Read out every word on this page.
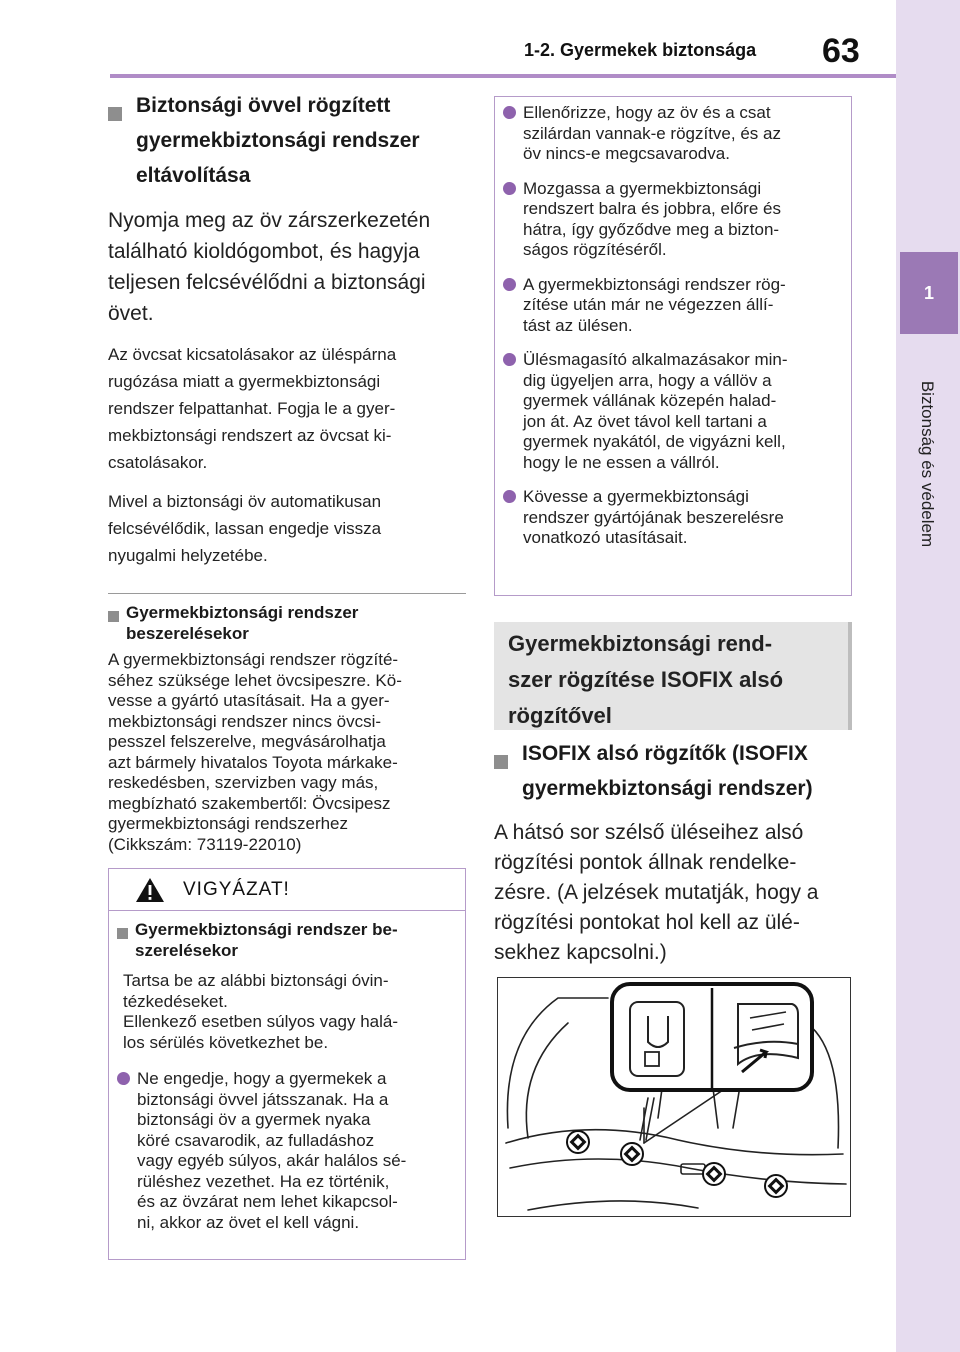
1-2. Gyermekek biztonsága 63
1
Biztonság és védelem
Biztonsági övvel rögzített
gyermekbiztonsági rendszer
eltávolítása
Nyomja meg az öv zárszerkezetén
található kioldógombot, és hagyja
teljesen felcsévélődni a biztonsági
övet.
Az övcsat kicsatolásakor az üléspárna
rugózása miatt a gyermekbiztonsági
rendszer felpattanhat. Fogja le a gyer-
mekbiztonsági rendszert az övcsat ki-
csatolásakor.
Mivel a biztonsági öv automatikusan
felcsévélődik, lassan engedje vissza
nyugalmi helyzetébe.
Gyermekbiztonsági rendszer
beszerelésekor
A gyermekbiztonsági rendszer rögzíté-
séhez szüksége lehet övcsipeszre. Kö-
vesse a gyártó utasításait. Ha a gyer-
mekbiztonsági rendszer nincs övcsi-
pesszel felszerelve, megvásárolhatja
azt bármely hivatalos Toyota márkake-
reskedésben, szervizben vagy más,
megbízható szakembertől: Övcsipesz
gyermekbiztonsági rendszerhez
(Cikkszám: 73119-22010)
VIGYÁZAT!
Gyermekbiztonsági rendszer be-
szerelésekor
Tartsa be az alábbi biztonsági óvin-
tézkedéseket.
Ellenkező esetben súlyos vagy halá-
los sérülés következhet be.
Ne engedje, hogy a gyermekek a
biztonsági övvel játsszanak. Ha a
biztonsági öv a gyermek nyaka
köré csavarodik, az fulladáshoz
vagy egyéb súlyos, akár halálos sé-
rüléshez vezethet. Ha ez történik,
és az övzárat nem lehet kikapcsol-
ni, akkor az övet el kell vágni.
Ellenőrizze, hogy az öv és a csat
szilárdan vannak-e rögzítve, és az
öv nincs-e megcsavarodva.
Mozgassa a gyermekbiztonsági
rendszert balra és jobbra, előre és
hátra, így győződve meg a bizton-
ságos rögzítéséről.
A gyermekbiztonsági rendszer rög-
zítése után már ne végezzen állí-
tást az ülésen.
Ülésmagasító alkalmazásakor min-
dig ügyeljen arra, hogy a vállöv a
gyermek vállának közepén halad-
jon át. Az övet távol kell tartani a
gyermek nyakától, de vigyázni kell,
hogy le ne essen a vállról.
Kövesse a gyermekbiztonsági
rendszer gyártójának beszerelésre
vonatkozó utasításait.
Gyermekbiztonsági rend-
szer rögzítése ISOFIX alsó
rögzítővel
ISOFIX alsó rögzítők (ISOFIX
gyermekbiztonsági rendszer)
A hátsó sor szélső üléseihez alsó
rögzítési pontok állnak rendelke-
zésre. (A jelzések mutatják, hogy a
rögzítési pontokat hol kell az ülé-
sekhez kapcsolni.)
